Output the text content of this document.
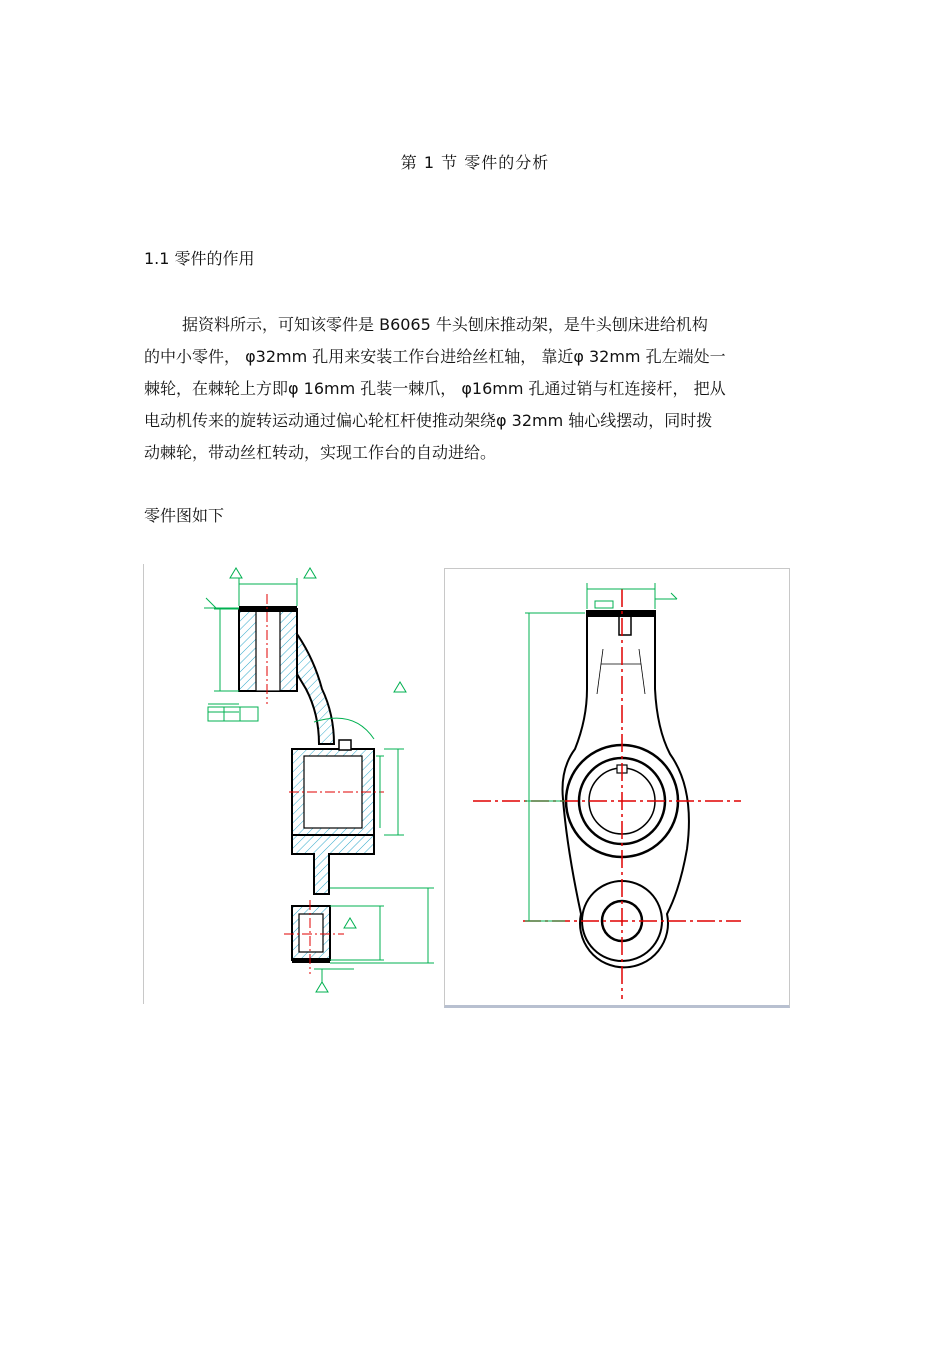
第 1 节 零件的分析
1.1 零件的作用
据资料所示，可知该零件是 B6065 牛头刨床推动架，是牛头刨床进给机构
的中小零件， φ32mm 孔用来安装工作台进给丝杠轴， 靠近φ 32mm 孔左端处一
棘轮，在棘轮上方即φ 16mm 孔装一棘爪， φ16mm 孔通过销与杠连接杆， 把从
电动机传来的旋转运动通过偏心轮杠杆使推动架绕φ 32mm 轴心线摆动，同时拨
动棘轮，带动丝杠转动，实现工作台的自动进给。
零件图如下
